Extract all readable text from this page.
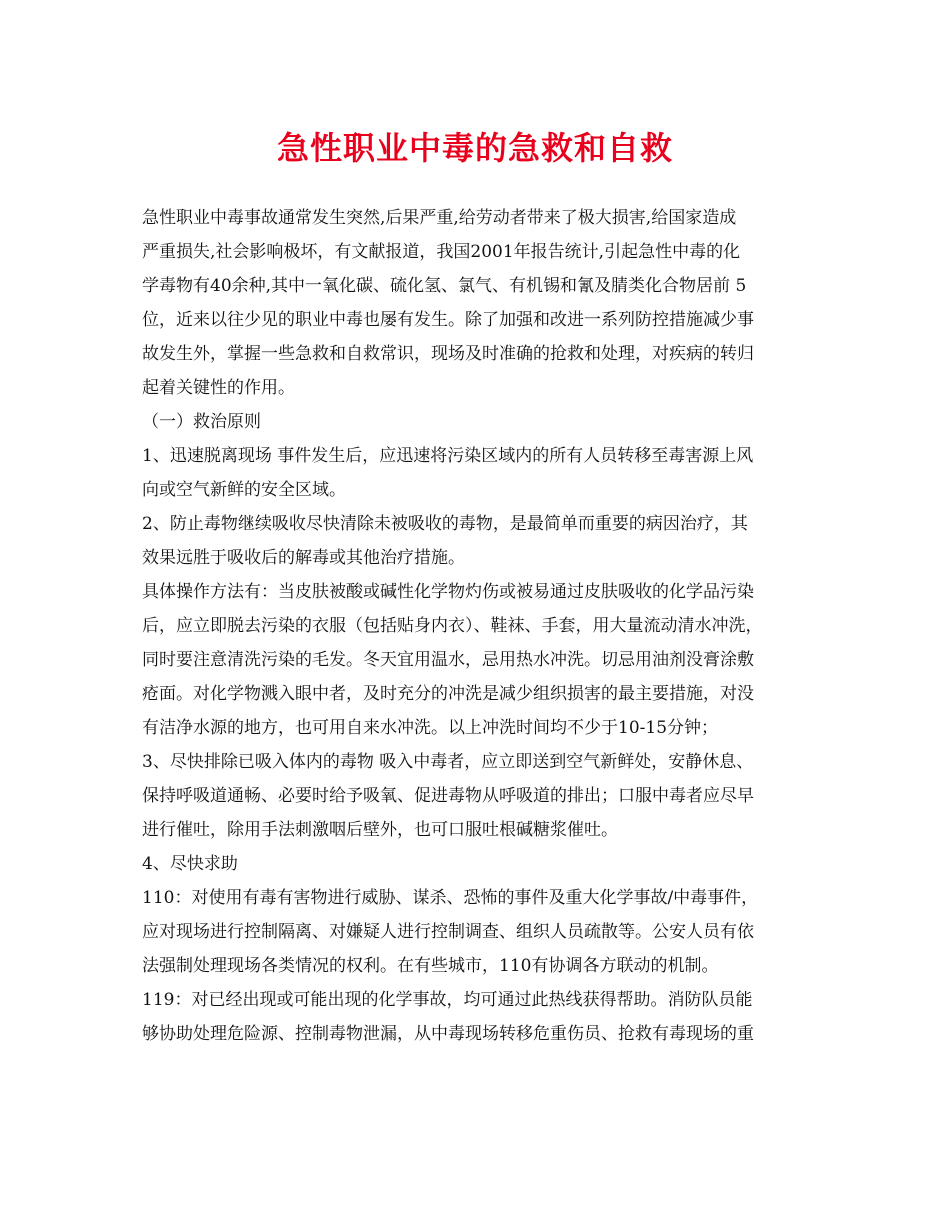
急性职业中毒的急救和自救
急性职业中毒事故通常发生突然,后果严重,给劳动者带来了极大损害,给国家造成
严重损失,社会影响极坏，有文献报道，我国2001年报告统计,引起急性中毒的化
学毒物有40余种,其中一氧化碳、硫化氢、氯气、有机锡和氰及腈类化合物居前 5
位，近来以往少见的职业中毒也屡有发生。除了加强和改进一系列防控措施减少事
故发生外，掌握一些急救和自救常识，现场及时准确的抢救和处理，对疾病的转归
起着关键性的作用。
（一）救治原则
1、迅速脱离现场 事件发生后，应迅速将污染区域内的所有人员转移至毒害源上风
向或空气新鲜的安全区域。
2、防止毒物继续吸收尽快清除未被吸收的毒物，是最简单而重要的病因治疗，其
效果远胜于吸收后的解毒或其他治疗措施。
具体操作方法有：当皮肤被酸或碱性化学物灼伤或被易通过皮肤吸收的化学品污染
后，应立即脱去污染的衣服（包括贴身内衣）、鞋袜、手套，用大量流动清水冲洗，
同时要注意清洗污染的毛发。冬天宜用温水，忌用热水冲洗。切忌用油剂没膏涂敷
疮面。对化学物溅入眼中者，及时充分的冲洗是减少组织损害的最主要措施，对没
有洁净水源的地方，也可用自来水冲洗。以上冲洗时间均不少于10-15分钟；
3、尽快排除已吸入体内的毒物 吸入中毒者，应立即送到空气新鲜处，安静休息、
保持呼吸道通畅、必要时给予吸氧、促进毒物从呼吸道的排出；口服中毒者应尽早
进行催吐，除用手法刺激咽后壁外，也可口服吐根碱糖浆催吐。
4、尽快求助
110：对使用有毒有害物进行威胁、谋杀、恐怖的事件及重大化学事故/中毒事件，
应对现场进行控制隔离、对嫌疑人进行控制调查、组织人员疏散等。公安人员有依
法强制处理现场各类情况的权利。在有些城市，110有协调各方联动的机制。
119：对已经出现或可能出现的化学事故，均可通过此热线获得帮助。消防队员能
够协助处理危险源、控制毒物泄漏，从中毒现场转移危重伤员、抢救有毒现场的重
